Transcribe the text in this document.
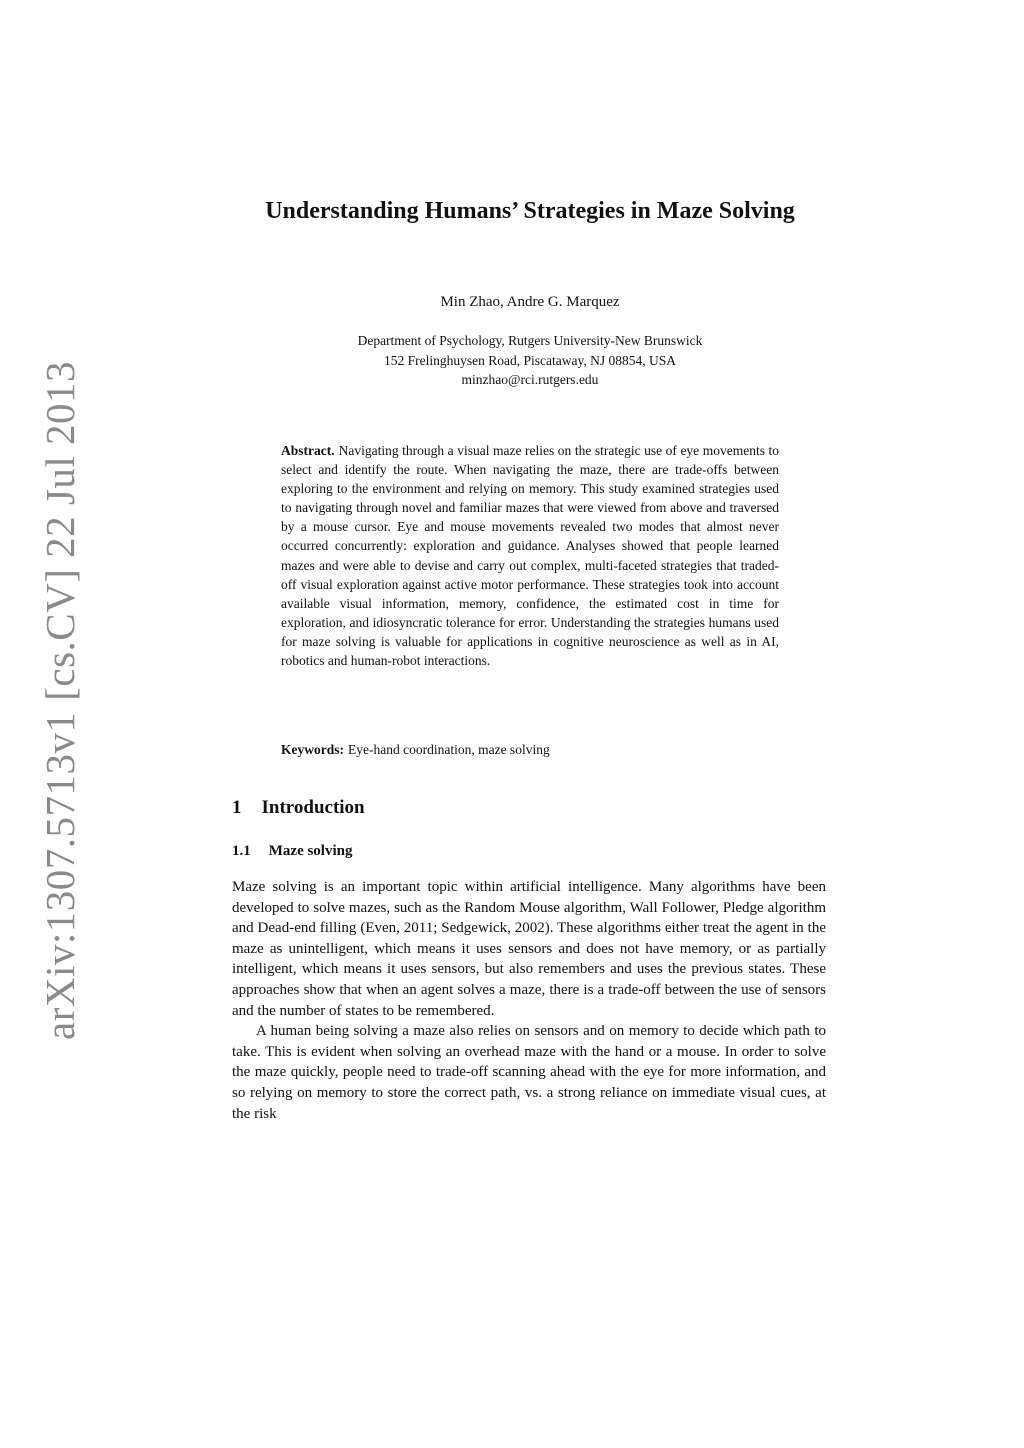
arXiv:1307.5713v1 [cs.CV] 22 Jul 2013
Understanding Humans’ Strategies in Maze Solving
Min Zhao, Andre G. Marquez
Department of Psychology, Rutgers University-New Brunswick
152 Frelinghuysen Road, Piscataway, NJ 08854, USA
minzhao@rci.rutgers.edu
Abstract. Navigating through a visual maze relies on the strategic use of eye movements to select and identify the route. When navigating the maze, there are trade-offs between exploring to the environment and relying on memory. This study examined strategies used to navigating through novel and familiar mazes that were viewed from above and traversed by a mouse cursor. Eye and mouse movements revealed two modes that almost never occurred concurrently: exploration and guidance. Analyses showed that people learned mazes and were able to devise and carry out complex, multi-faceted strategies that traded-off visual exploration against active motor performance. These strategies took into account available visual information, memory, confidence, the estimated cost in time for exploration, and idiosyncratic tolerance for error. Understanding the strategies humans used for maze solving is valuable for applications in cognitive neuroscience as well as in AI, robotics and human-robot interactions.
Keywords: Eye-hand coordination, maze solving
1 Introduction
1.1 Maze solving

Maze solving is an important topic within artificial intelligence. Many algorithms have been developed to solve mazes, such as the Random Mouse algorithm, Wall Follower, Pledge algorithm and Dead-end filling (Even, 2011; Sedgewick, 2002). These algorithms either treat the agent in the maze as unintelligent, which means it uses sensors and does not have memory, or as partially intelligent, which means it uses sensors, but also remembers and uses the previous states. These approaches show that when an agent solves a maze, there is a trade-off between the use of sensors and the number of states to be remembered.

A human being solving a maze also relies on sensors and on memory to decide which path to take. This is evident when solving an overhead maze with the hand or a mouse. In order to solve the maze quickly, people need to trade-off scanning ahead with the eye for more information, and so relying on memory to store the correct path, vs. a strong reliance on immediate visual cues, at the risk
